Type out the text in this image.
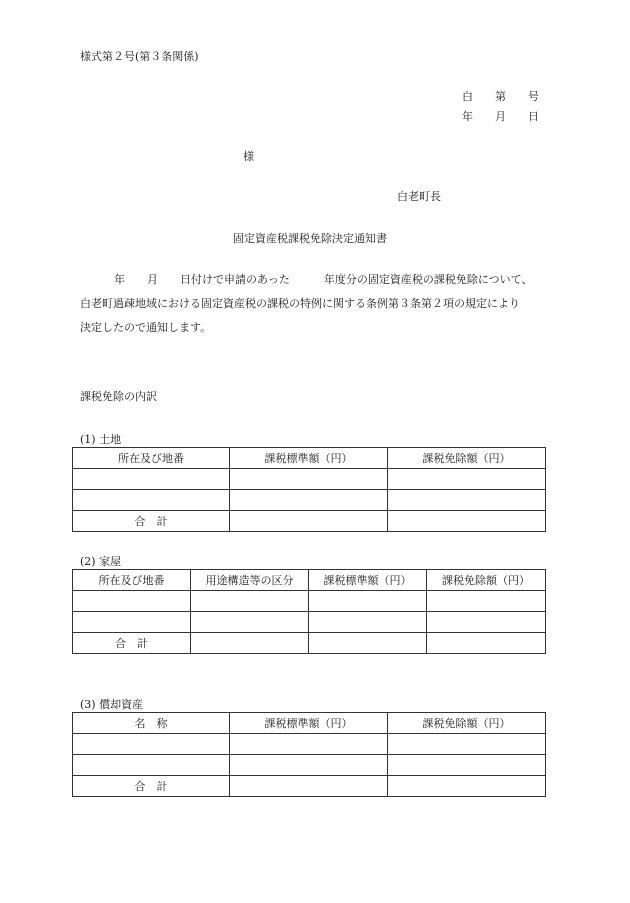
様式第２号(第３条関係)
白　　第　　号
年　　月　　日
様
白老町長
固定資産税課税免除決定通知書
年 月 日付けで申請のあった	年度分の固定資産税の課税免除について、
白老町過疎地域における固定資産税の課税の特例に関する条例第３条第２項の規定により
決定したので通知します。
課税免除の内訳
(1) 土地
所在及び地番	課税標準額（円）	課税免除額（円）

合　計		
(2) 家屋
所在及び地番	用途構造等の区分	課税標準額（円）	課税免除額（円）

合　計			
(3) 償却資産
名　称	課税標準額（円）	課税免除額（円）

合　計		
